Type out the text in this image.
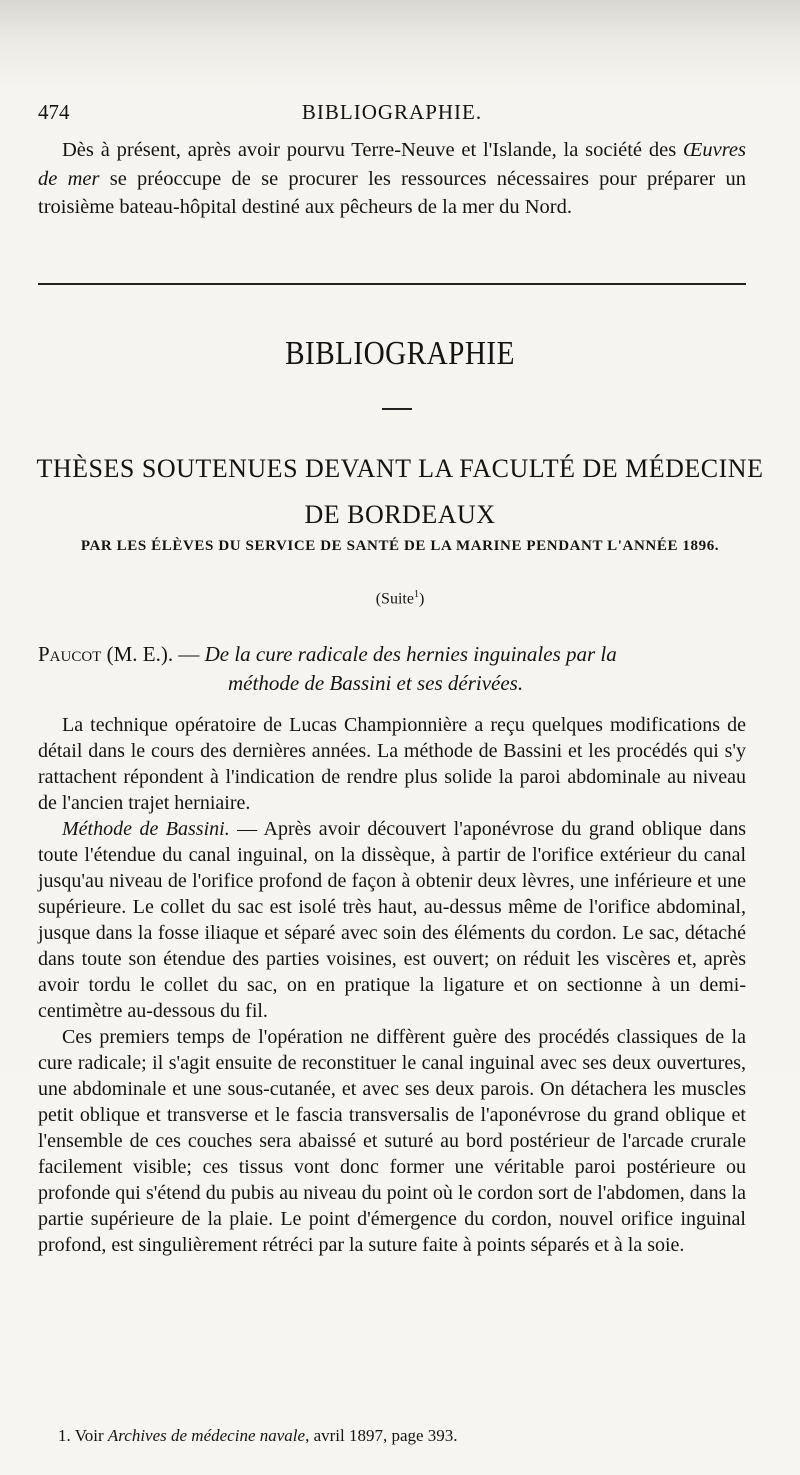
474	BIBLIOGRAPHIE.

Dès à présent, après avoir pourvu Terre-Neuve et l'Islande, la société des Œuvres de mer se préoccupe de se procurer les ressources nécessaires pour préparer un troisième bateau-hôpital destiné aux pêcheurs de la mer du Nord.

BIBLIOGRAPHIE
THÈSES SOUTENUES DEVANT LA FACULTÉ DE MÉDECINE
DE BORDEAUX
PAR LES ÉLÈVES DU SERVICE DE SANTÉ DE LA MARINE PENDANT L'ANNÉE 1896.
(Suite$^1$)
Paucot (M. E.). — De la cure radicale des hernies inguinales par la
méthode de Bassini et ses dérivées.

La technique opératoire de Lucas Championnière a reçu quelques modifications de détail dans le cours des dernières années. La méthode de Bassini et les procédés qui s'y rattachent répondent à l'indication de rendre plus solide la paroi abdominale au niveau de l'ancien trajet herniaire.

Méthode de Bassini. — Après avoir découvert l'aponévrose du grand oblique dans toute l'étendue du canal inguinal, on la dissèque, à partir de l'orifice extérieur du canal jusqu'au niveau de l'orifice profond de façon à obtenir deux lèvres, une inférieure et une supérieure. Le collet du sac est isolé très haut, au-dessus même de l'orifice abdominal, jusque dans la fosse iliaque et séparé avec soin des éléments du cordon. Le sac, détaché dans toute son étendue des parties voisines, est ouvert; on réduit les viscères et, après avoir tordu le collet du sac, on en pratique la ligature et on sectionne à un demi-centimètre au-dessous du fil.

Ces premiers temps de l'opération ne diffèrent guère des procédés classiques de la cure radicale; il s'agit ensuite de reconstituer le canal inguinal avec ses deux ouvertures, une abdominale et une sous-cutanée, et avec ses deux parois. On détachera les muscles petit oblique et transverse et le fascia transversalis de l'aponévrose du grand oblique et l'ensemble de ces couches sera abaissé et suturé au bord postérieur de l'arcade crurale facilement visible; ces tissus vont donc former une véritable paroi postérieure ou profonde qui s'étend du pubis au niveau du point où le cordon sort de l'abdomen, dans la partie supérieure de la plaie. Le point d'émergence du cordon, nouvel orifice inguinal profond, est singulièrement rétréci par la suture faite à points séparés et à la soie.

1. Voir Archives de médecine navale, avril 1897, page 393.
